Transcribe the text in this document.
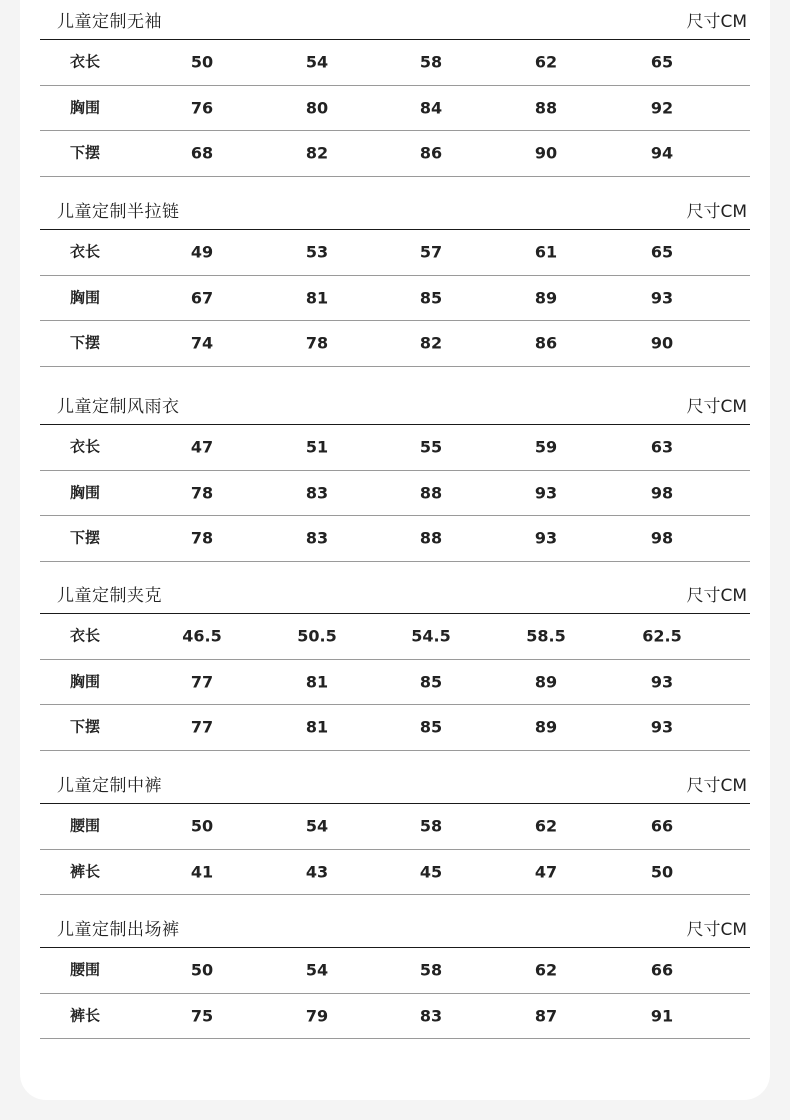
儿童定制无袖	尺寸CM
衣长	50	54	58	62	65
胸围	76	80	84	88	92
下摆	68	82	86	90	94
儿童定制半拉链	尺寸CM
衣长	49	53	57	61	65
胸围	67	81	85	89	93
下摆	74	78	82	86	90
儿童定制风雨衣	尺寸CM
衣长	47	51	55	59	63
胸围	78	83	88	93	98
下摆	78	83	88	93	98
儿童定制夹克	尺寸CM
衣长	46.5	50.5	54.5	58.5	62.5
胸围	77	81	85	89	93
下摆	77	81	85	89	93
儿童定制中裤	尺寸CM
腰围	50	54	58	62	66
裤长	41	43	45	47	50
儿童定制出场裤	尺寸CM
腰围	50	54	58	62	66
裤长	75	79	83	87	91
